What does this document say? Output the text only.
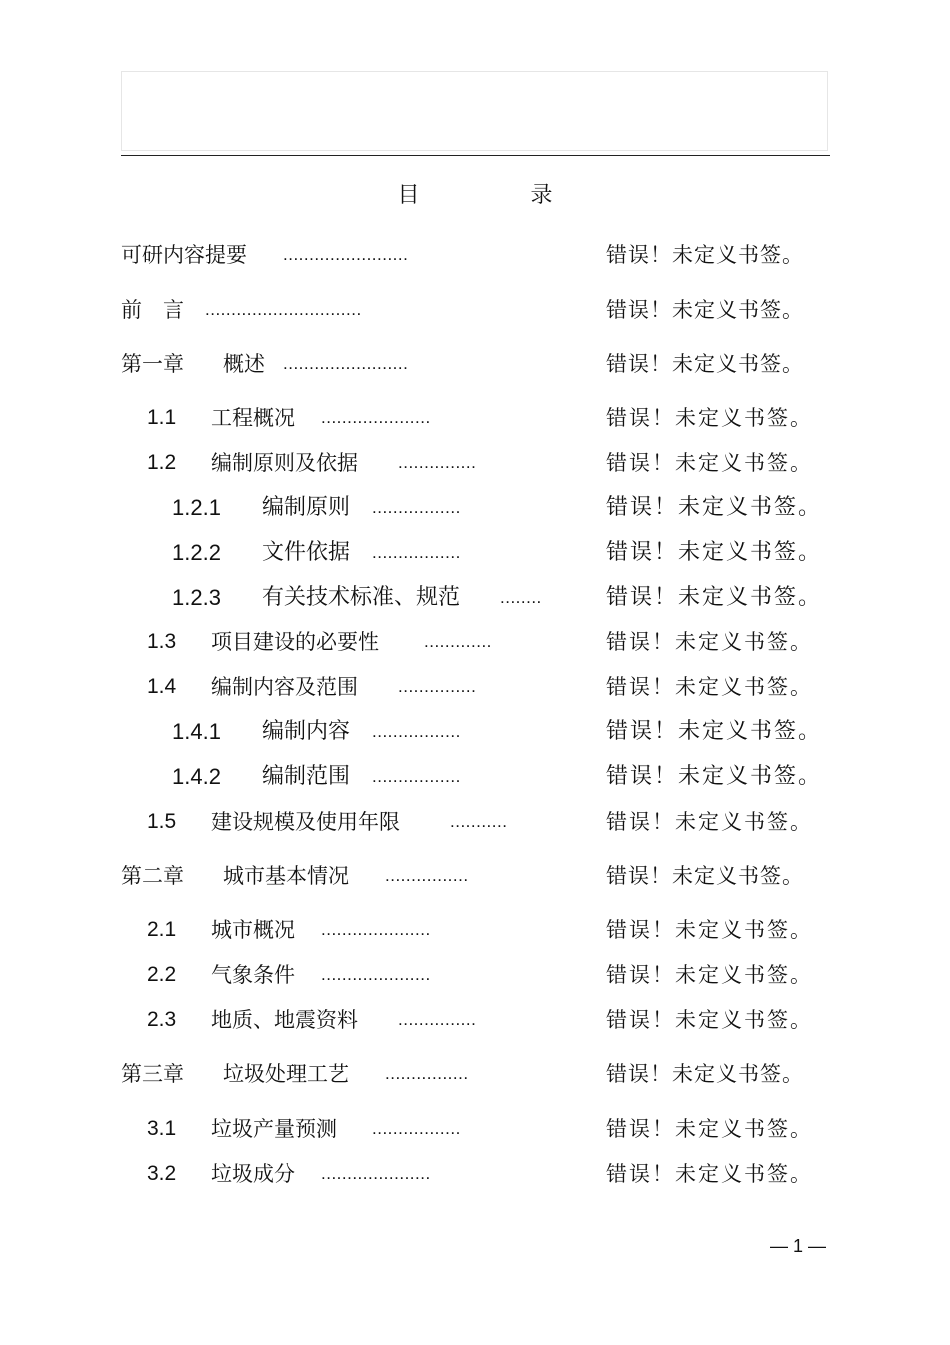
目 录
可研内容提要 ........................	错误！未定义书签。
前　言 ..............................	错误！未定义书签。
第一章 概述 ........................	错误！未定义书签。
1.1 工程概况 .....................	错误！未定义书签。
1.2 编制原则及依据 ...............	错误！未定义书签。
1.2.1 编制原则 .................	错误！未定义书签。
1.2.2 文件依据 .................	错误！未定义书签。
1.2.3 有关技术标准、规范 ........	错误！未定义书签。
1.3 项目建设的必要性	.............	错误！未定义书签。
1.4 编制内容及范围 ...............	错误！未定义书签。
1.4.1 编制内容 .................	错误！未定义书签。
1.4.2 编制范围 .................	错误！未定义书签。
1.5 建设规模及使用年限	...........	错误！未定义书签。
第二章 城市基本情况 ................	错误！未定义书签。
2.1 城市概况 .....................	错误！未定义书签。
2.2 气象条件 .....................	错误！未定义书签。
2.3 地质、地震资料 ...............	错误！未定义书签。
第三章 垃圾处理工艺 ................	错误！未定义书签。
3.1 垃圾产量预测 .................	错误！未定义书签。
3.2 垃圾成分 .....................	错误！未定义书签。
— 1 —
